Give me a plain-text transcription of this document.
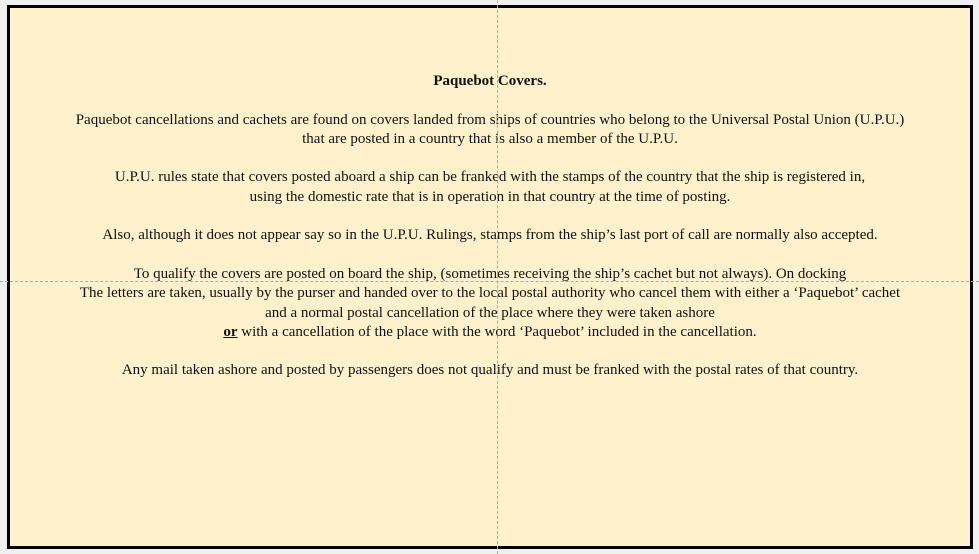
Paquebot Covers.

Paquebot cancellations and cachets are found on covers landed from ships of countries who belong to the Universal Postal Union (U.P.U.)
that are posted in a country that is also a member of the U.P.U.

U.P.U. rules state that covers posted aboard a ship can be franked with the stamps of the country that the ship is registered in,
using the domestic rate that is in operation in that country at the time of posting.

Also, although it does not appear say so in the U.P.U. Rulings, stamps from the ship’s last port of call are normally also accepted.

To qualify the covers are posted on board the ship, (sometimes receiving the ship’s cachet but not always). On docking
The letters are taken, usually by the purser and handed over to the local postal authority who cancel them with either a ‘Paquebot’ cachet
and a normal postal cancellation of the place where they were taken ashore
or with a cancellation of the place with the word ‘Paquebot’ included in the cancellation.

Any mail taken ashore and posted by passengers does not qualify and must be franked with the postal rates of that country.
